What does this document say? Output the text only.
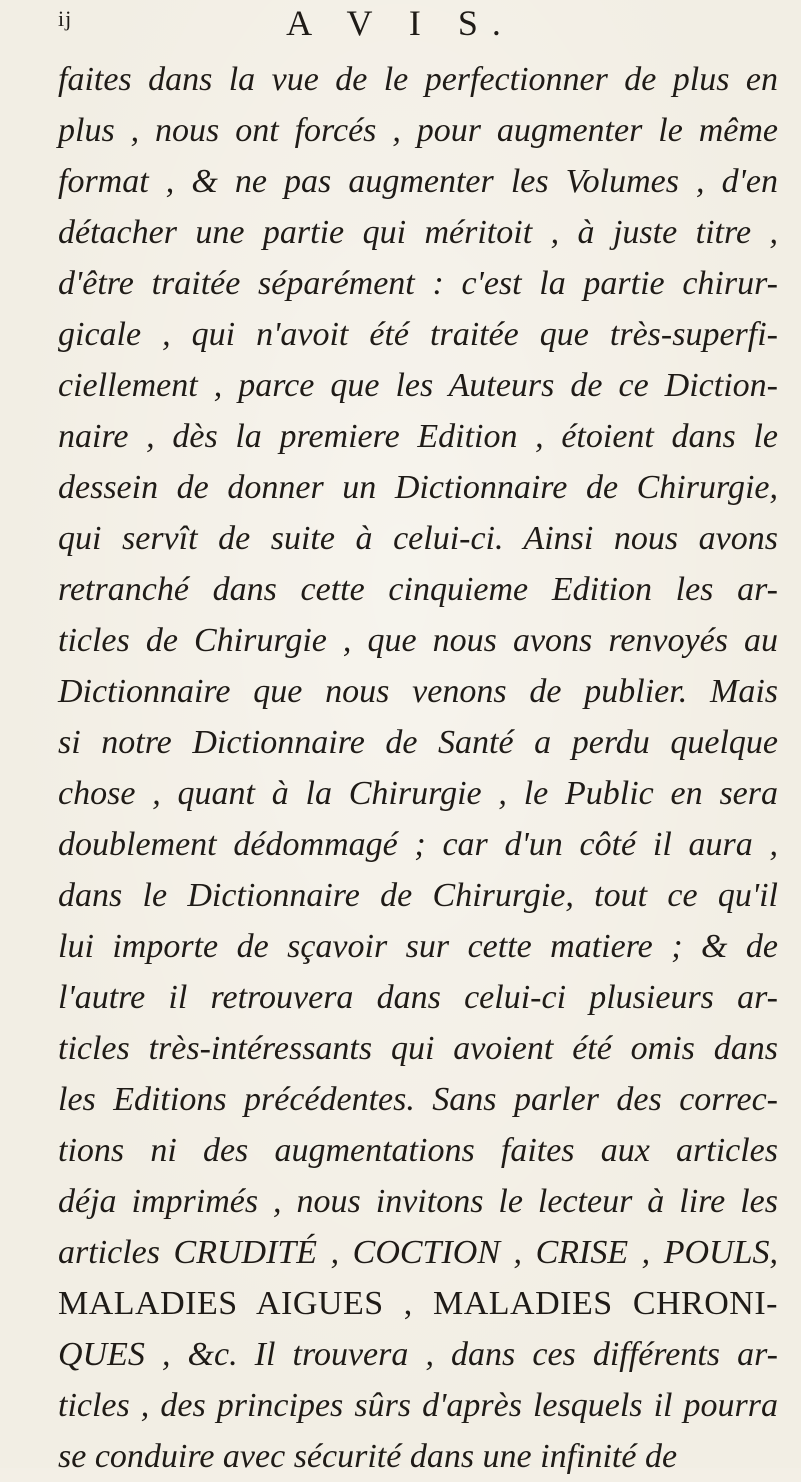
ij	A V I S.
faites dans la vue de le perfectionner de plus en
plus , nous ont forcés , pour augmenter le même
format , & ne pas augmenter les Volumes , d'en
détacher une partie qui méritoit , à juste titre ,
d'être traitée séparément : c'est la partie chirur-
gicale , qui n'avoit été traitée que très-superfi-
ciellement , parce que les Auteurs de ce Diction-
naire , dès la premiere Edition , étoient dans le
dessein de donner un Dictionnaire de Chirurgie,
qui servît de suite à celui-ci. Ainsi nous avons
retranché dans cette cinquieme Edition les ar-
ticles de Chirurgie , que nous avons renvoyés au
Dictionnaire que nous venons de publier. Mais
si notre Dictionnaire de Santé a perdu quelque
chose , quant à la Chirurgie , le Public en sera
doublement dédommagé ; car d'un côté il aura ,
dans le Dictionnaire de Chirurgie, tout ce qu'il
lui importe de sçavoir sur cette matiere ; & de
l'autre il retrouvera dans celui-ci plusieurs ar-
ticles très-intéressants qui avoient été omis dans
les Editions précédentes. Sans parler des correc-
tions ni des augmentations faites aux articles
déja imprimés , nous invitons le lecteur à lire les
articles CRUDITÉ , COCTION , CRISE , POULS,
MALADIES AIGUES , MALADIES CHRONI-
QUES , &c. Il trouvera , dans ces différents ar-
ticles , des principes sûrs d'après lesquels il pourra
se conduire avec sécurité dans une infinité de
